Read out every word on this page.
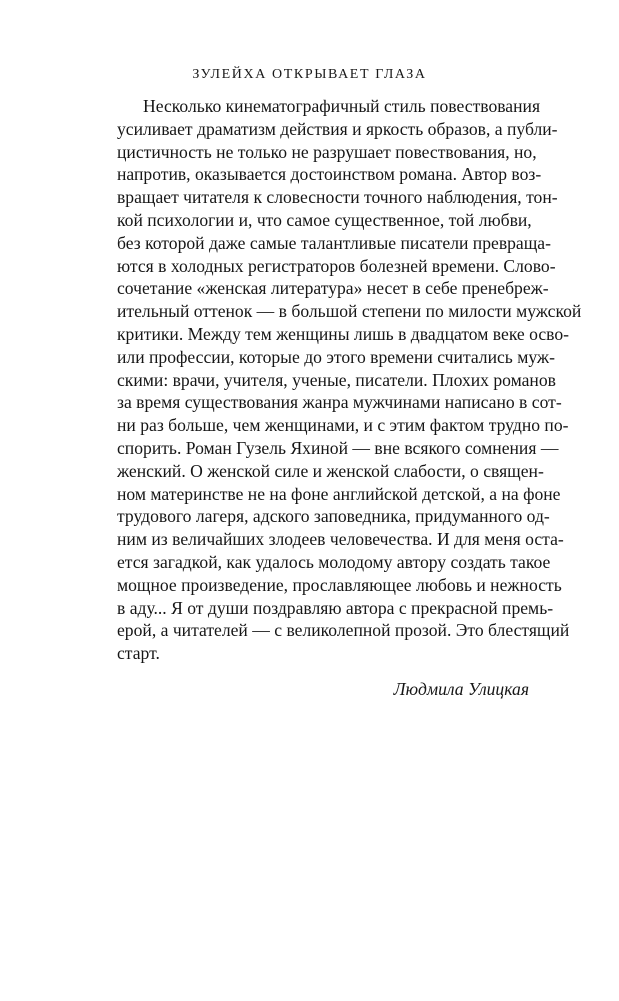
ЗУЛЕЙХА ОТКРЫВАЕТ ГЛАЗА
Несколько кинематографичный стиль повествования
усиливает драматизм действия и яркость образов, а публи-
цистичность не только не разрушает повествования, но,
напротив, оказывается достоинством романа. Автор воз-
вращает читателя к словесности точного наблюдения, тон-
кой психологии и, что самое существенное, той любви,
без которой даже самые талантливые писатели превраща-
ются в холодных регистраторов болезней времени. Слово-
сочетание «женская литература» несет в себе пренебреж-
ительный оттенок — в большой степени по милости мужской
критики. Между тем женщины лишь в двадцатом веке осво-
или профессии, которые до этого времени считались муж-
скими: врачи, учителя, ученые, писатели. Плохих романов
за время существования жанра мужчинами написано в сот-
ни раз больше, чем женщинами, и с этим фактом трудно по-
спорить. Роман Гузель Яхиной — вне всякого сомнения —
женский. О женской силе и женской слабости, о священ-
ном материнстве не на фоне английской детской, а на фоне
трудового лагеря, адского заповедника, придуманного од-
ним из величайших злодеев человечества. И для меня оста-
ется загадкой, как удалось молодому автору создать такое
мощное произведение, прославляющее любовь и нежность
в аду... Я от души поздравляю автора с прекрасной премь-
ерой, а читателей — с великолепной прозой. Это блестящий
старт.
Людмила Улицкая
